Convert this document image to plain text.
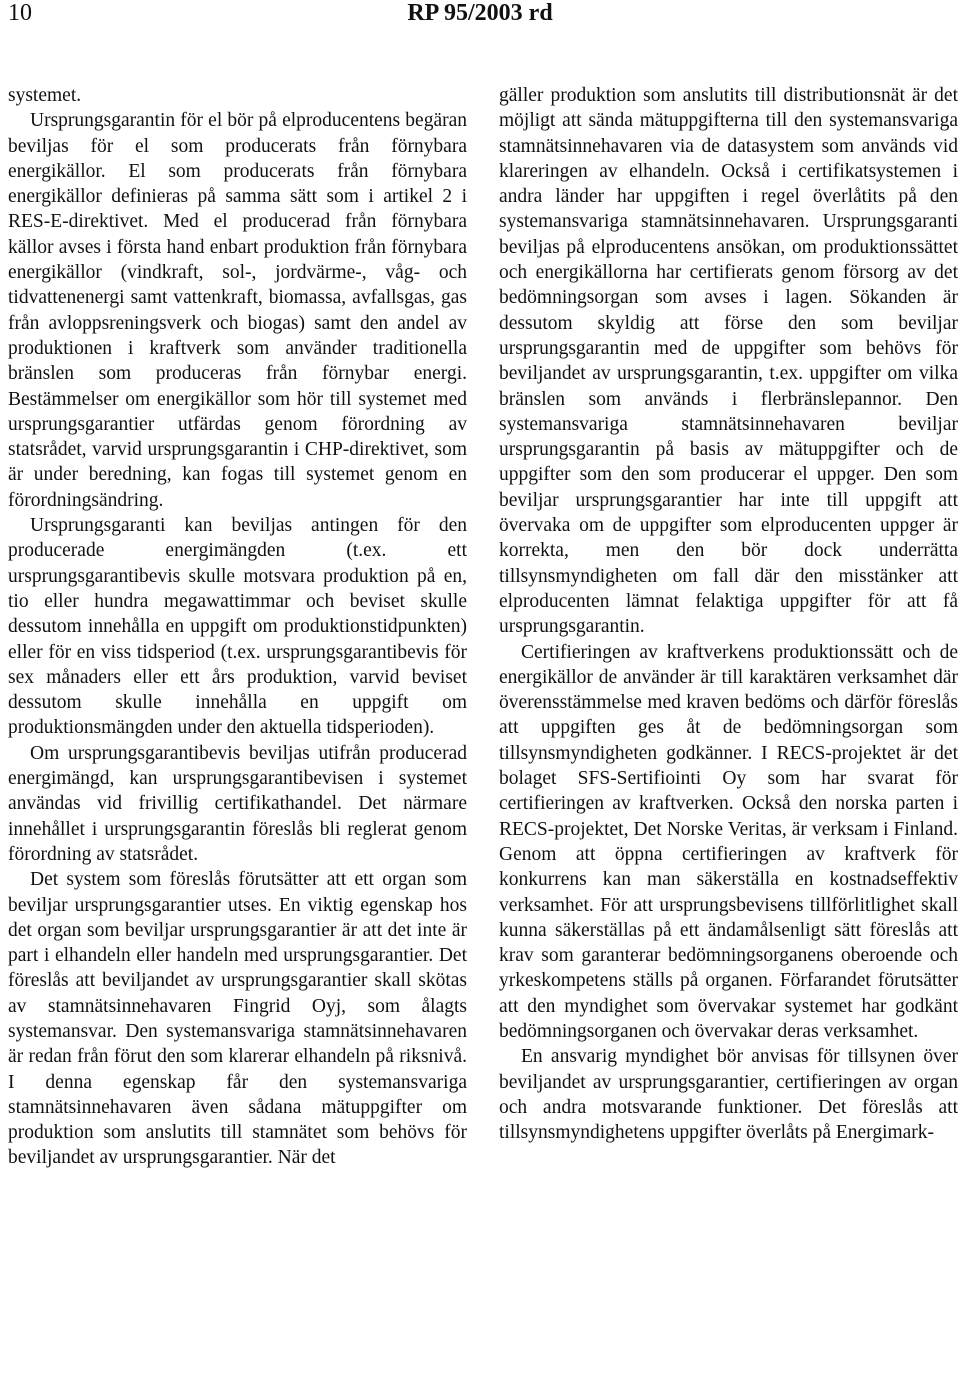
10	RP 95/2003 rd

systemet.

Ursprungsgarantin för el bör på elproducentens begäran beviljas för el som producerats från förnybara energikällor. El som producerats från förnybara energikällor definieras på samma sätt som i artikel 2 i RES-E-direktivet. Med el producerad från förnybara källor avses i första hand enbart produktion från förnybara energikällor (vindkraft, sol-, jordvärme-, våg- och tidvattenenergi samt vattenkraft, biomassa, avfallsgas, gas från avloppsreningsverk och biogas) samt den andel av produktionen i kraftverk som använder traditionella bränslen som produceras från förnybar energi. Bestämmelser om energikällor som hör till systemet med ursprungsgarantier utfärdas genom förordning av statsrådet, varvid ursprungsgarantin i CHP-direktivet, som är under beredning, kan fogas till systemet genom en förordningsändring.

Ursprungsgaranti kan beviljas antingen för den producerade energimängden (t.ex. ett ursprungsgarantibevis skulle motsvara produktion på en, tio eller hundra megawattimmar och beviset skulle dessutom innehålla en uppgift om produktionstidpunkten) eller för en viss tidsperiod (t.ex. ursprungsgarantibevis för sex månaders eller ett års produktion, varvid beviset dessutom skulle innehålla en uppgift om produktionsmängden under den aktuella tidsperioden).

Om ursprungsgarantibevis beviljas utifrån producerad energimängd, kan ursprungsgarantibevisen i systemet användas vid frivillig certifikathandel. Det närmare innehållet i ursprungsgarantin föreslås bli reglerat genom förordning av statsrådet.

Det system som föreslås förutsätter att ett organ som beviljar ursprungsgarantier utses. En viktig egenskap hos det organ som beviljar ursprungsgarantier är att det inte är part i elhandeln eller handeln med ursprungsgarantier. Det föreslås att beviljandet av ursprungsgarantier skall skötas av stamnätsinnehavaren Fingrid Oyj, som ålagts systemansvar. Den systemansvariga stamnätsinnehavaren är redan från förut den som klarerar elhandeln på riksnivå. I denna egenskap får den systemansvariga stamnätsinnehavaren även sådana mätuppgifter om produktion som anslutits till stamnätet som behövs för beviljandet av ursprungsgarantier. När det

gäller produktion som anslutits till distributionsnät är det möjligt att sända mätuppgifterna till den systemansvariga stamnätsinnehavaren via de datasystem som används vid klareringen av elhandeln. Också i certifikatsystemen i andra länder har uppgiften i regel överlåtits på den systemansvariga stamnätsinnehavaren. Ursprungsgaranti beviljas på elproducentens ansökan, om produktionssättet och energikällorna har certifierats genom försorg av det bedömningsorgan som avses i lagen. Sökanden är dessutom skyldig att förse den som beviljar ursprungsgarantin med de uppgifter som behövs för beviljandet av ursprungsgarantin, t.ex. uppgifter om vilka bränslen som används i flerbränslepannor. Den systemansvariga stamnätsinnehavaren beviljar ursprungsgarantin på basis av mätuppgifter och de uppgifter som den som producerar el uppger. Den som beviljar ursprungsgarantier har inte till uppgift att övervaka om de uppgifter som elproducenten uppger är korrekta, men den bör dock underrätta tillsynsmyndigheten om fall där den misstänker att elproducenten lämnat felaktiga uppgifter för att få ursprungsgarantin.

Certifieringen av kraftverkens produktionssätt och de energikällor de använder är till karaktären verksamhet där överensstämmelse med kraven bedöms och därför föreslås att uppgiften ges åt de bedömningsorgan som tillsynsmyndigheten godkänner. I RECS-projektet är det bolaget SFS-Sertifiointi Oy som har svarat för certifieringen av kraftverken. Också den norska parten i RECS-projektet, Det Norske Veritas, är verksam i Finland. Genom att öppna certifieringen av kraftverk för konkurrens kan man säkerställa en kostnadseffektiv verksamhet. För att ursprungsbevisens tillförlitlighet skall kunna säkerställas på ett ändamålsenligt sätt föreslås att krav som garanterar bedömningsorganens oberoende och yrkeskompetens ställs på organen. Förfarandet förutsätter att den myndighet som övervakar systemet har godkänt bedömningsorganen och övervakar deras verksamhet.

En ansvarig myndighet bör anvisas för tillsynen över beviljandet av ursprungsgarantier, certifieringen av organ och andra motsvarande funktioner. Det föreslås att tillsynsmyndighetens uppgifter överlåts på Energimark-
